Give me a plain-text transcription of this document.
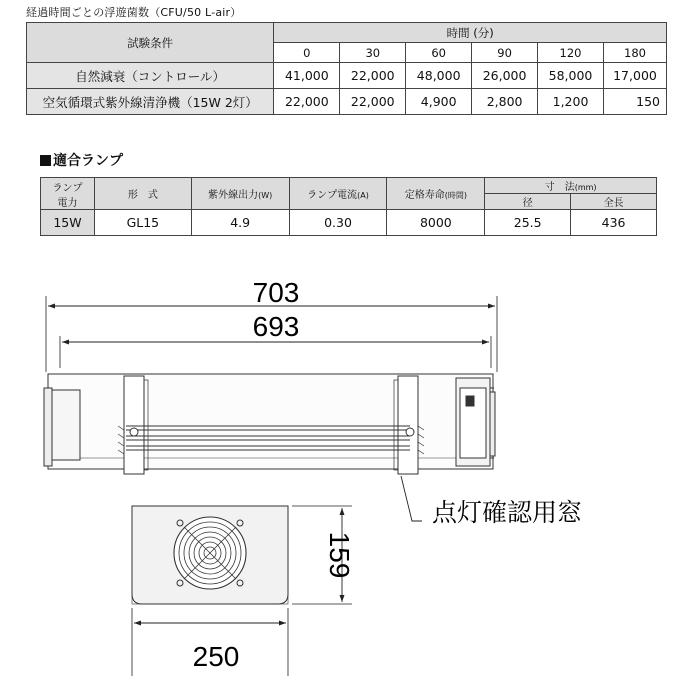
経過時間ごとの浮遊菌数（CFU/50 L-air）
試験条件	時間 (分)					
	0	30	60	90	120	180
自然減衰（コントロール）	41,000	22,000	48,000	26,000	58,000	17,000
空気循環式紫外線清浄機（15W 2灯）	22,000	22,000	4,900	2,800	1,200	150
適合ランプ
ランプ
電力	形　式	紫外線出力(W)	ランプ電流(A)	定格寿命(時間)	寸　法(mm)	
					径	全長
15W	GL15	4.9	0.30	8000	25.5	436
703
693
点灯確認用窓
159
250
